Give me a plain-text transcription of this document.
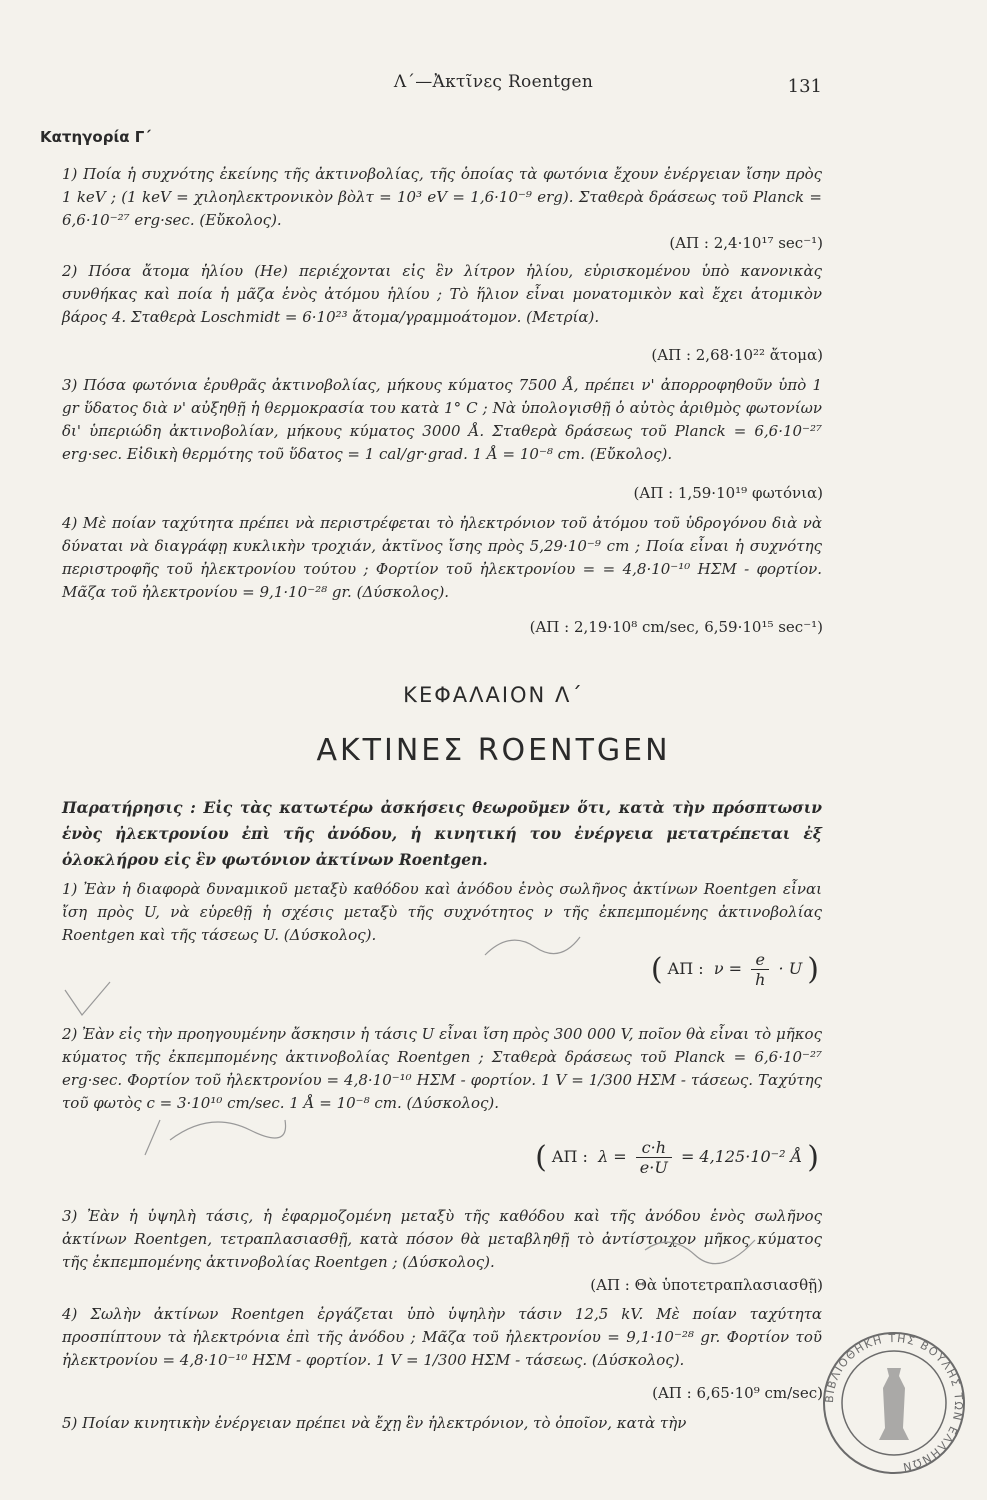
Λ΄—Ἀκτῖνες Roentgen	131
Κατηγορία Γ΄
1) Ποία ἡ συχνότης ἐκείνης τῆς ἀκτινοβολίας, τῆς ὁποίας τὰ φωτόνια ἔχουν ἐνέργειαν ἴσην πρὸς 1 keV ; (1 keV = χιλοηλεκτρονικὸν βὸλτ = 10³ eV = 1,6·10⁻⁹ erg). Σταθερὰ δράσεως τοῦ Planck = 6,6·10⁻²⁷ erg·sec. (Εὔκολος).
(ΑΠ : 2,4·10¹⁷ sec⁻¹)
2) Πόσα ἄτομα ἡλίου (He) περιέχονται εἰς ἓν λίτρον ἡλίου, εὑρισκομένου ὑπὸ κανονικὰς συνθήκας καὶ ποία ἡ μᾶζα ἑνὸς ἀτόμου ἡλίου ; Τὸ ἥλιον εἶναι μονατομικὸν καὶ ἔχει ἀτομικὸν βάρος 4. Σταθερὰ Loschmidt = 6·10²³ ἄτομα/γραμμοάτομον. (Μετρία).
(ΑΠ : 2,68·10²² ἄτομα)
3) Πόσα φωτόνια ἐρυθρᾶς ἀκτινοβολίας, μήκους κύματος 7500 Å, πρέπει ν' ἀπορροφηθοῦν ὑπὸ 1 gr ὕδατος διὰ ν' αὐξηθῇ ἡ θερμοκρασία του κατὰ 1° C ; Νὰ ὑπολογισθῇ ὁ αὐτὸς ἀριθμὸς φωτονίων δι' ὑπεριώδη ἀκτινοβολίαν, μήκους κύματος 3000 Å. Σταθερὰ δράσεως τοῦ Planck = 6,6·10⁻²⁷ erg·sec. Εἰδικὴ θερμότης τοῦ ὕδατος = 1 cal/gr·grad. 1 Å = 10⁻⁸ cm. (Εὔκολος).
(ΑΠ : 1,59·10¹⁹ φωτόνια)
4) Μὲ ποίαν ταχύτητα πρέπει νὰ περιστρέφεται τὸ ἠλεκτρόνιον τοῦ ἀτόμου τοῦ ὑδρογόνου διὰ νὰ δύναται νὰ διαγράφῃ κυκλικὴν τροχιάν, ἀκτῖνος ἴσης πρὸς 5,29·10⁻⁹ cm ; Ποία εἶναι ἡ συχνότης περιστροφῆς τοῦ ἠλεκτρονίου τούτου ; Φορτίον τοῦ ἠλεκτρονίου = = 4,8·10⁻¹⁰ ΗΣΜ - φορτίον. Μᾶζα τοῦ ἠλεκτρονίου = 9,1·10⁻²⁸ gr. (Δύσκολος).
(ΑΠ : 2,19·10⁸ cm/sec, 6,59·10¹⁵ sec⁻¹)
ΚΕΦΑΛΑΙΟΝ Λ΄
ΑΚΤΙΝΕΣ ROENTGEN
Παρατήρησις : Εἰς τὰς κατωτέρω ἀσκήσεις θεωροῦμεν ὅτι, κατὰ τὴν πρόσπτωσιν ἑνὸς ἠλεκτρονίου ἐπὶ τῆς ἀνόδου, ἡ κινητική του ἐνέργεια μετατρέπεται ἐξ ὁλοκλήρου εἰς ἓν φωτόνιον ἀκτίνων Roentgen.
1) Ἐὰν ἡ διαφορὰ δυναμικοῦ μεταξὺ καθόδου καὶ ἀνόδου ἑνὸς σωλῆνος ἀκτίνων Roentgen εἶναι ἴση πρὸς U, νὰ εὑρεθῇ ἡ σχέσις μεταξὺ τῆς συχνότητος ν τῆς ἐκπεμπομένης ἀκτινοβολίας Roentgen καὶ τῆς τάσεως U. (Δύσκολος).
( ΑΠ : $\nu = \frac{e}{h} \cdot U$ )
2) Ἐὰν εἰς τὴν προηγουμένην ἄσκησιν ἡ τάσις U εἶναι ἴση πρὸς 300 000 V, ποῖον θὰ εἶναι τὸ μῆκος κύματος τῆς ἐκπεμπομένης ἀκτινοβολίας Roentgen ; Σταθερὰ δράσεως τοῦ Planck = 6,6·10⁻²⁷ erg·sec. Φορτίον τοῦ ἠλεκτρονίου = 4,8·10⁻¹⁰ ΗΣΜ - φορτίον. 1 V = 1/300 ΗΣΜ - τάσεως. Ταχύτης τοῦ φωτὸς c = 3·10¹⁰ cm/sec. 1 Å = 10⁻⁸ cm. (Δύσκολος).
( ΑΠ : $\lambda = \frac{c\cdot h}{e\cdot U} = 4,125\cdot 10^{-2}$ Å )
3) Ἐὰν ἡ ὑψηλὴ τάσις, ἡ ἐφαρμοζομένη μεταξὺ τῆς καθόδου καὶ τῆς ἀνόδου ἑνὸς σωλῆνος ἀκτίνων Roentgen, τετραπλασιασθῇ, κατὰ πόσον θὰ μεταβληθῇ τὸ ἀντίστοιχον μῆκος κύματος τῆς ἐκπεμπομένης ἀκτινοβολίας Roentgen ; (Δύσκολος).
(ΑΠ : Θὰ ὑποτετραπλασιασθῇ)
4) Σωλὴν ἀκτίνων Roentgen ἐργάζεται ὑπὸ ὑψηλὴν τάσιν 12,5 kV. Μὲ ποίαν ταχύτητα προσπίπτουν τὰ ἠλεκτρόνια ἐπὶ τῆς ἀνόδου ; Μᾶζα τοῦ ἠλεκτρονίου = 9,1·10⁻²⁸ gr. Φορτίον τοῦ ἠλεκτρονίου = 4,8·10⁻¹⁰ ΗΣΜ - φορτίον. 1 V = 1/300 ΗΣΜ - τάσεως. (Δύσκολος).
(ΑΠ : 6,65·10⁹ cm/sec)
5) Ποίαν κινητικὴν ἐνέργειαν πρέπει νὰ ἔχῃ ἓν ἠλεκτρόνιον, τὸ ὁποῖον, κατὰ τὴν
ΒΙΒΛΙΟΘΗΚΗ ΤΗΣ ΒΟΥΛΗΣ ΤΩΝ ΕΛΛΗΝΩΝ
